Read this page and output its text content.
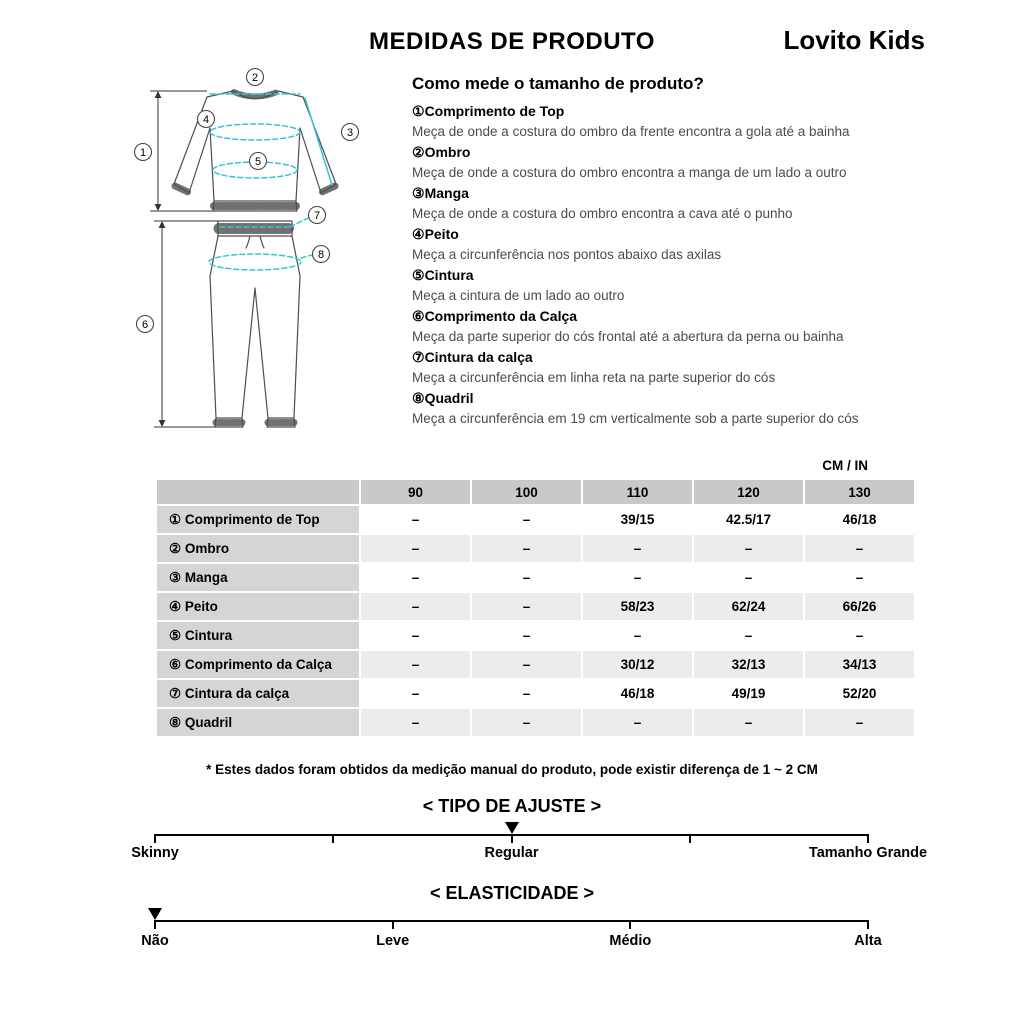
MEDIDAS DE PRODUTO	Lovito Kids
1
2
3
4
5
6
7
8
Como mede o tamanho de produto?
①Comprimento de Top
Meça de onde a costura do ombro da frente encontra a gola até a bainha
②Ombro
Meça de onde a costura do ombro encontra a manga de um lado a outro
③Manga
Meça de onde a costura do ombro encontra a cava até o punho
④Peito
Meça a circunferência nos pontos abaixo das axilas
⑤Cintura
Meça a cintura de um lado ao outro
⑥Comprimento da Calça
Meça da parte superior do cós frontal até a abertura da perna ou bainha
⑦Cintura da calça
Meça a circunferência em linha reta na parte superior do cós
⑧Quadril
Meça a circunferência em 19 cm verticalmente sob a parte superior do cós
CM / IN
	90	100	110	120	130
① Comprimento de Top	–	–	39/15	42.5/17	46/18
② Ombro	–	–	–	–	–
③ Manga	–	–	–	–	–
④ Peito	–	–	58/23	62/24	66/26
⑤ Cintura	–	–	–	–	–
⑥ Comprimento da Calça	–	–	30/12	32/13	34/13
⑦ Cintura da calça	–	–	46/18	49/19	52/20
⑧ Quadril	–	–	–	–	–
* Estes dados foram obtidos da medição manual do produto, pode existir diferença de 1 ~ 2 CM
< TIPO DE AJUSTE >
Skinny	Regular	Tamanho Grande
< ELASTICIDADE >
Não	Leve	Médio	Alta
